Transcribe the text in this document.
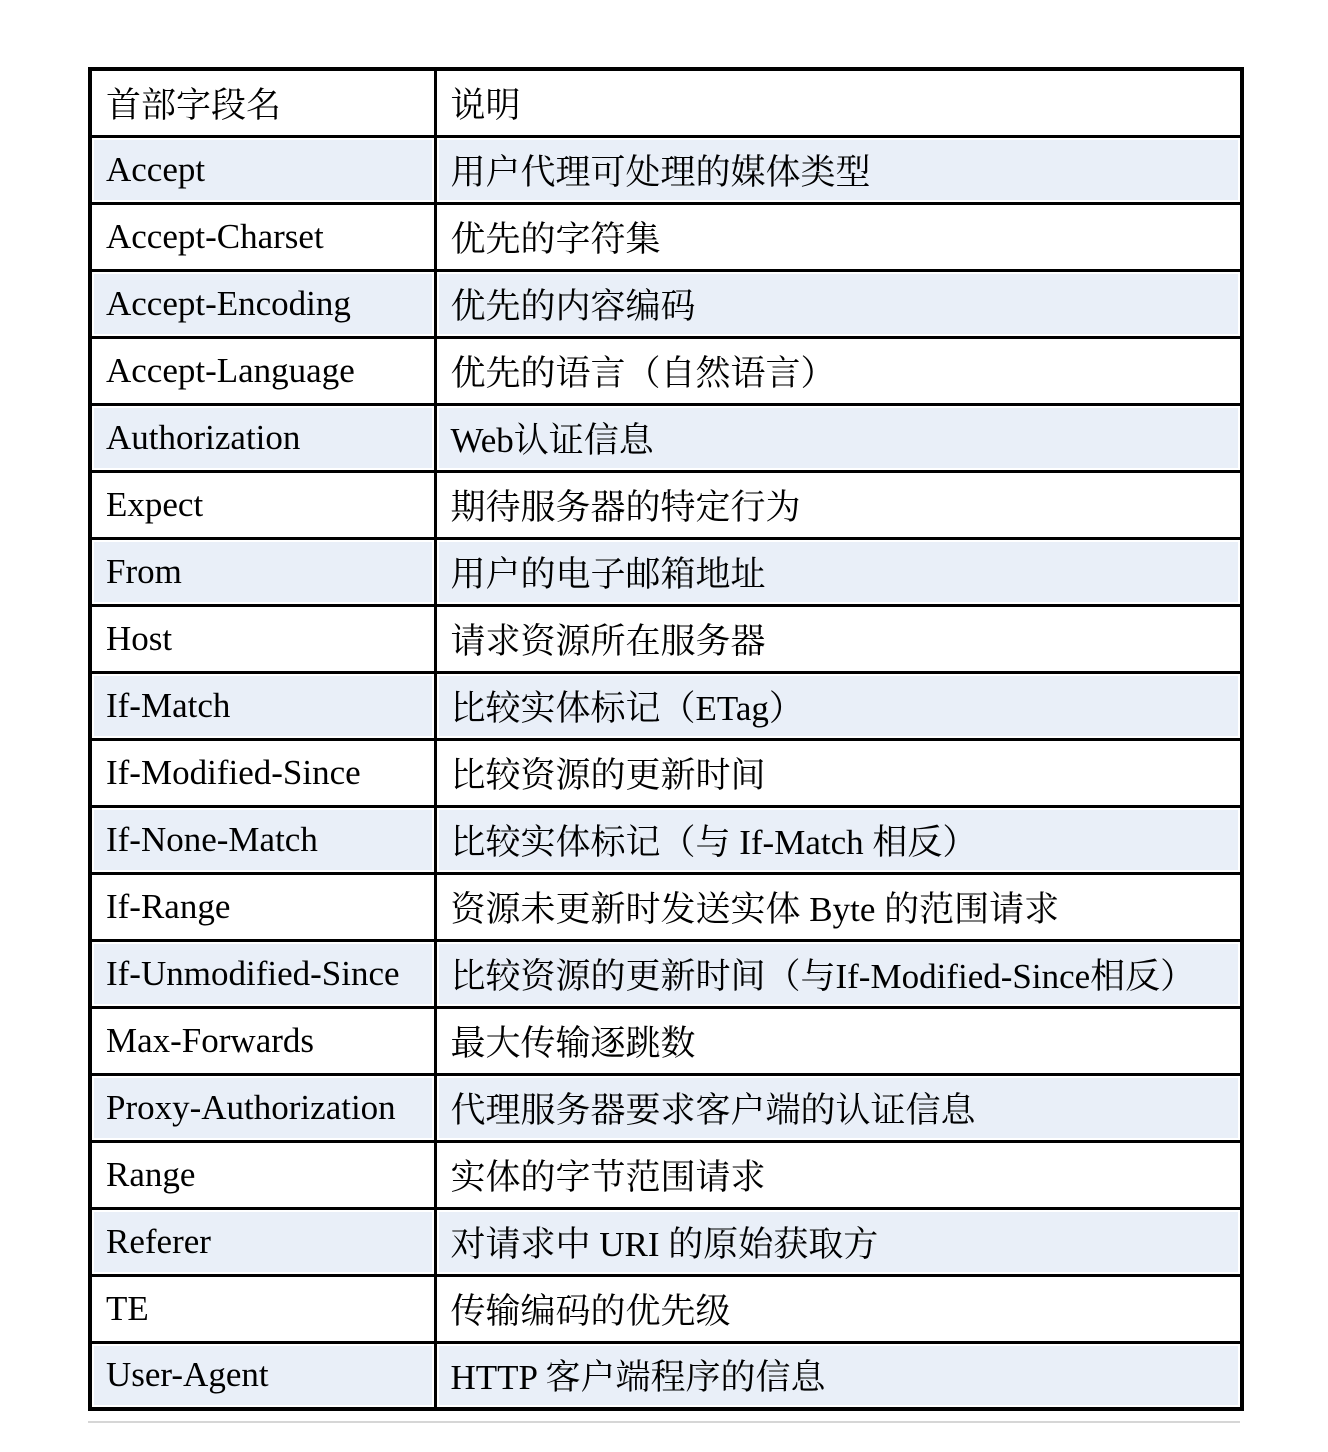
首部字段名	说明
Accept	用户代理可处理的媒体类型
Accept-Charset	优先的字符集
Accept-Encoding	优先的内容编码
Accept-Language	优先的语言（自然语言）
Authorization	Web认证信息
Expect	期待服务器的特定行为
From	用户的电子邮箱地址
Host	请求资源所在服务器
If-Match	比较实体标记（ETag）
If-Modified-Since	比较资源的更新时间
If-None-Match	比较实体标记（与 If-Match 相反）
If-Range	资源未更新时发送实体 Byte 的范围请求
If-Unmodified-Since	比较资源的更新时间（与If-Modified-Since相反）
Max-Forwards	最大传输逐跳数
Proxy-Authorization	代理服务器要求客户端的认证信息
Range	实体的字节范围请求
Referer	对请求中 URI 的原始获取方
TE	传输编码的优先级
User-Agent	HTTP 客户端程序的信息
